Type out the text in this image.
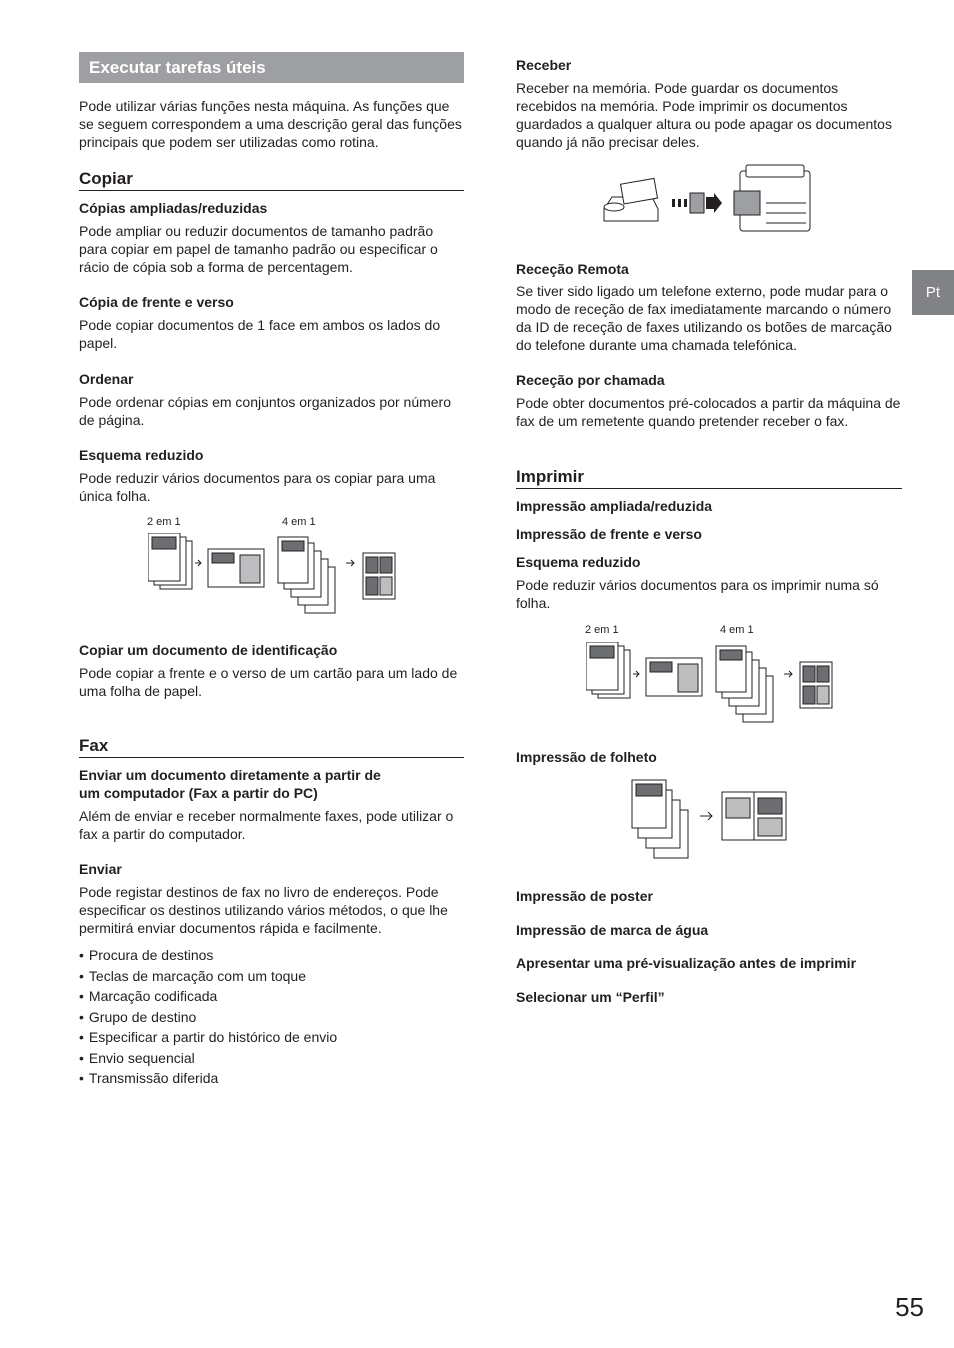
Executar tarefas úteis
Pt
55

Pode utilizar várias funções nesta máquina. As funções que se seguem correspondem a uma descrição geral das funções principais que podem ser utilizadas como rotina.

Copiar
Cópias ampliadas/reduzidas

Pode ampliar ou reduzir documentos de tamanho padrão para copiar em papel de tamanho padrão ou especificar o rácio de cópia sob a forma de percentagem.

Cópia de frente e verso

Pode copiar documentos de 1 face em ambos os lados do papel.

Ordenar

Pode ordenar cópias em conjuntos organizados por número de página.

Esquema reduzido

Pode reduzir vários documentos para os copiar para uma única folha.

2 em 1	4 em 1
Copiar um documento de identificação

Pode copiar a frente e o verso de um cartão para um lado de uma folha de papel.

Fax
Enviar um documento diretamente a partir de
um computador (Fax a partir do PC)

Além de enviar e receber normalmente faxes, pode utilizar o fax a partir do computador.

Enviar

Pode registar destinos de fax no livro de endereços. Pode especificar os destinos utilizando vários métodos, o que lhe permitirá enviar documentos rápida e facilmente.

• Procura de destinos
• Teclas de marcação com um toque
• Marcação codificada
• Grupo de destino
• Especificar a partir do histórico de envio
• Envio sequencial
• Transmissão diferida
Receber

Receber na memória. Pode guardar os documentos recebidos na memória. Pode imprimir os documentos guardados a qualquer altura ou pode apagar os documentos quando já não precisar deles.

Receção Remota

Se tiver sido ligado um telefone externo, pode mudar para o modo de receção de fax imediatamente marcando o número da ID de receção de faxes utilizando os botões de marcação do telefone durante uma chamada telefónica.

Receção por chamada

Pode obter documentos pré-colocados a partir da máquina de fax de um remetente quando pretender receber o fax.

Imprimir
Impressão ampliada/reduzida
Impressão de frente e verso
Esquema reduzido

Pode reduzir vários documentos para os imprimir numa só folha.

2 em 1	4 em 1
Impressão de folheto
Impressão de poster
Impressão de marca de água
Apresentar uma pré-visualização antes de imprimir
Selecionar um “Perfil”
